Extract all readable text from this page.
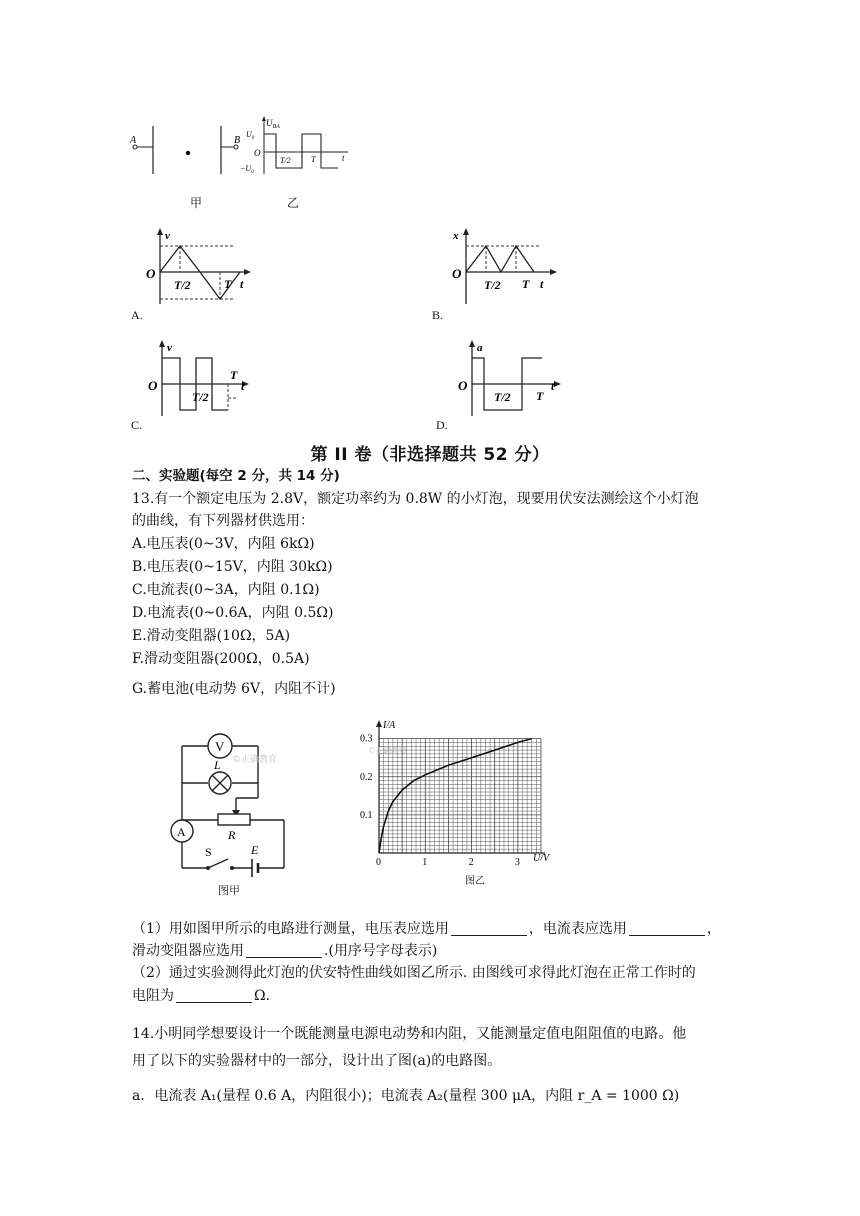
A	B
$U_{BA}$
$U_0$
$-U_0$
O
T/2	T	t
甲	乙
v
O
T/2	T t
A.
x
O
T/2 T t
B.
v
O
T/2
T
t
C.
a
O
T/2 T
t
D.
第 II 卷（非选择题共 52 分）
二、实验题(每空 2 分，共 14 分)
13.有一个额定电压为 2.8V，额定功率约为 0.8W 的小灯泡，现要用伏安法测绘这个小灯泡
的曲线，有下列器材供选用：
A.电压表(0~3V，内阻 6kΩ)
B.电压表(0~15V，内阻 30kΩ)
C.电流表(0~3A，内阻 0.1Ω)
D.电流表(0~0.6A，内阻 0.5Ω)
E.滑动变阻器(10Ω，5A)
F.滑动变阻器(200Ω，0.5A)
G.蓄电池(电动势 6V，内阻不计)
V
L
A	R
S	E
图甲
I/A
U/V
0	1	2	3
0.1
0.2
0.3
©正确教育
图乙
©正确教育
（1）用如图甲所示的电路进行测量，电压表应选用	，电流表应选用	，
滑动变阻器应选用	.(用序号字母表示)
（2）通过实验测得此灯泡的伏安特性曲线如图乙所示. 由图线可求得此灯泡在正常工作时的
电阻为	Ω.
14.小明同学想要设计一个既能测量电源电动势和内阻，又能测量定值电阻阻值的电路。他
用了以下的实验器材中的一部分，设计出了图(a)的电路图。
a．电流表 A₁(量程 0.6 A，内阻很小)；电流表 A₂(量程 300 μA，内阻 r_A = 1000 Ω)
